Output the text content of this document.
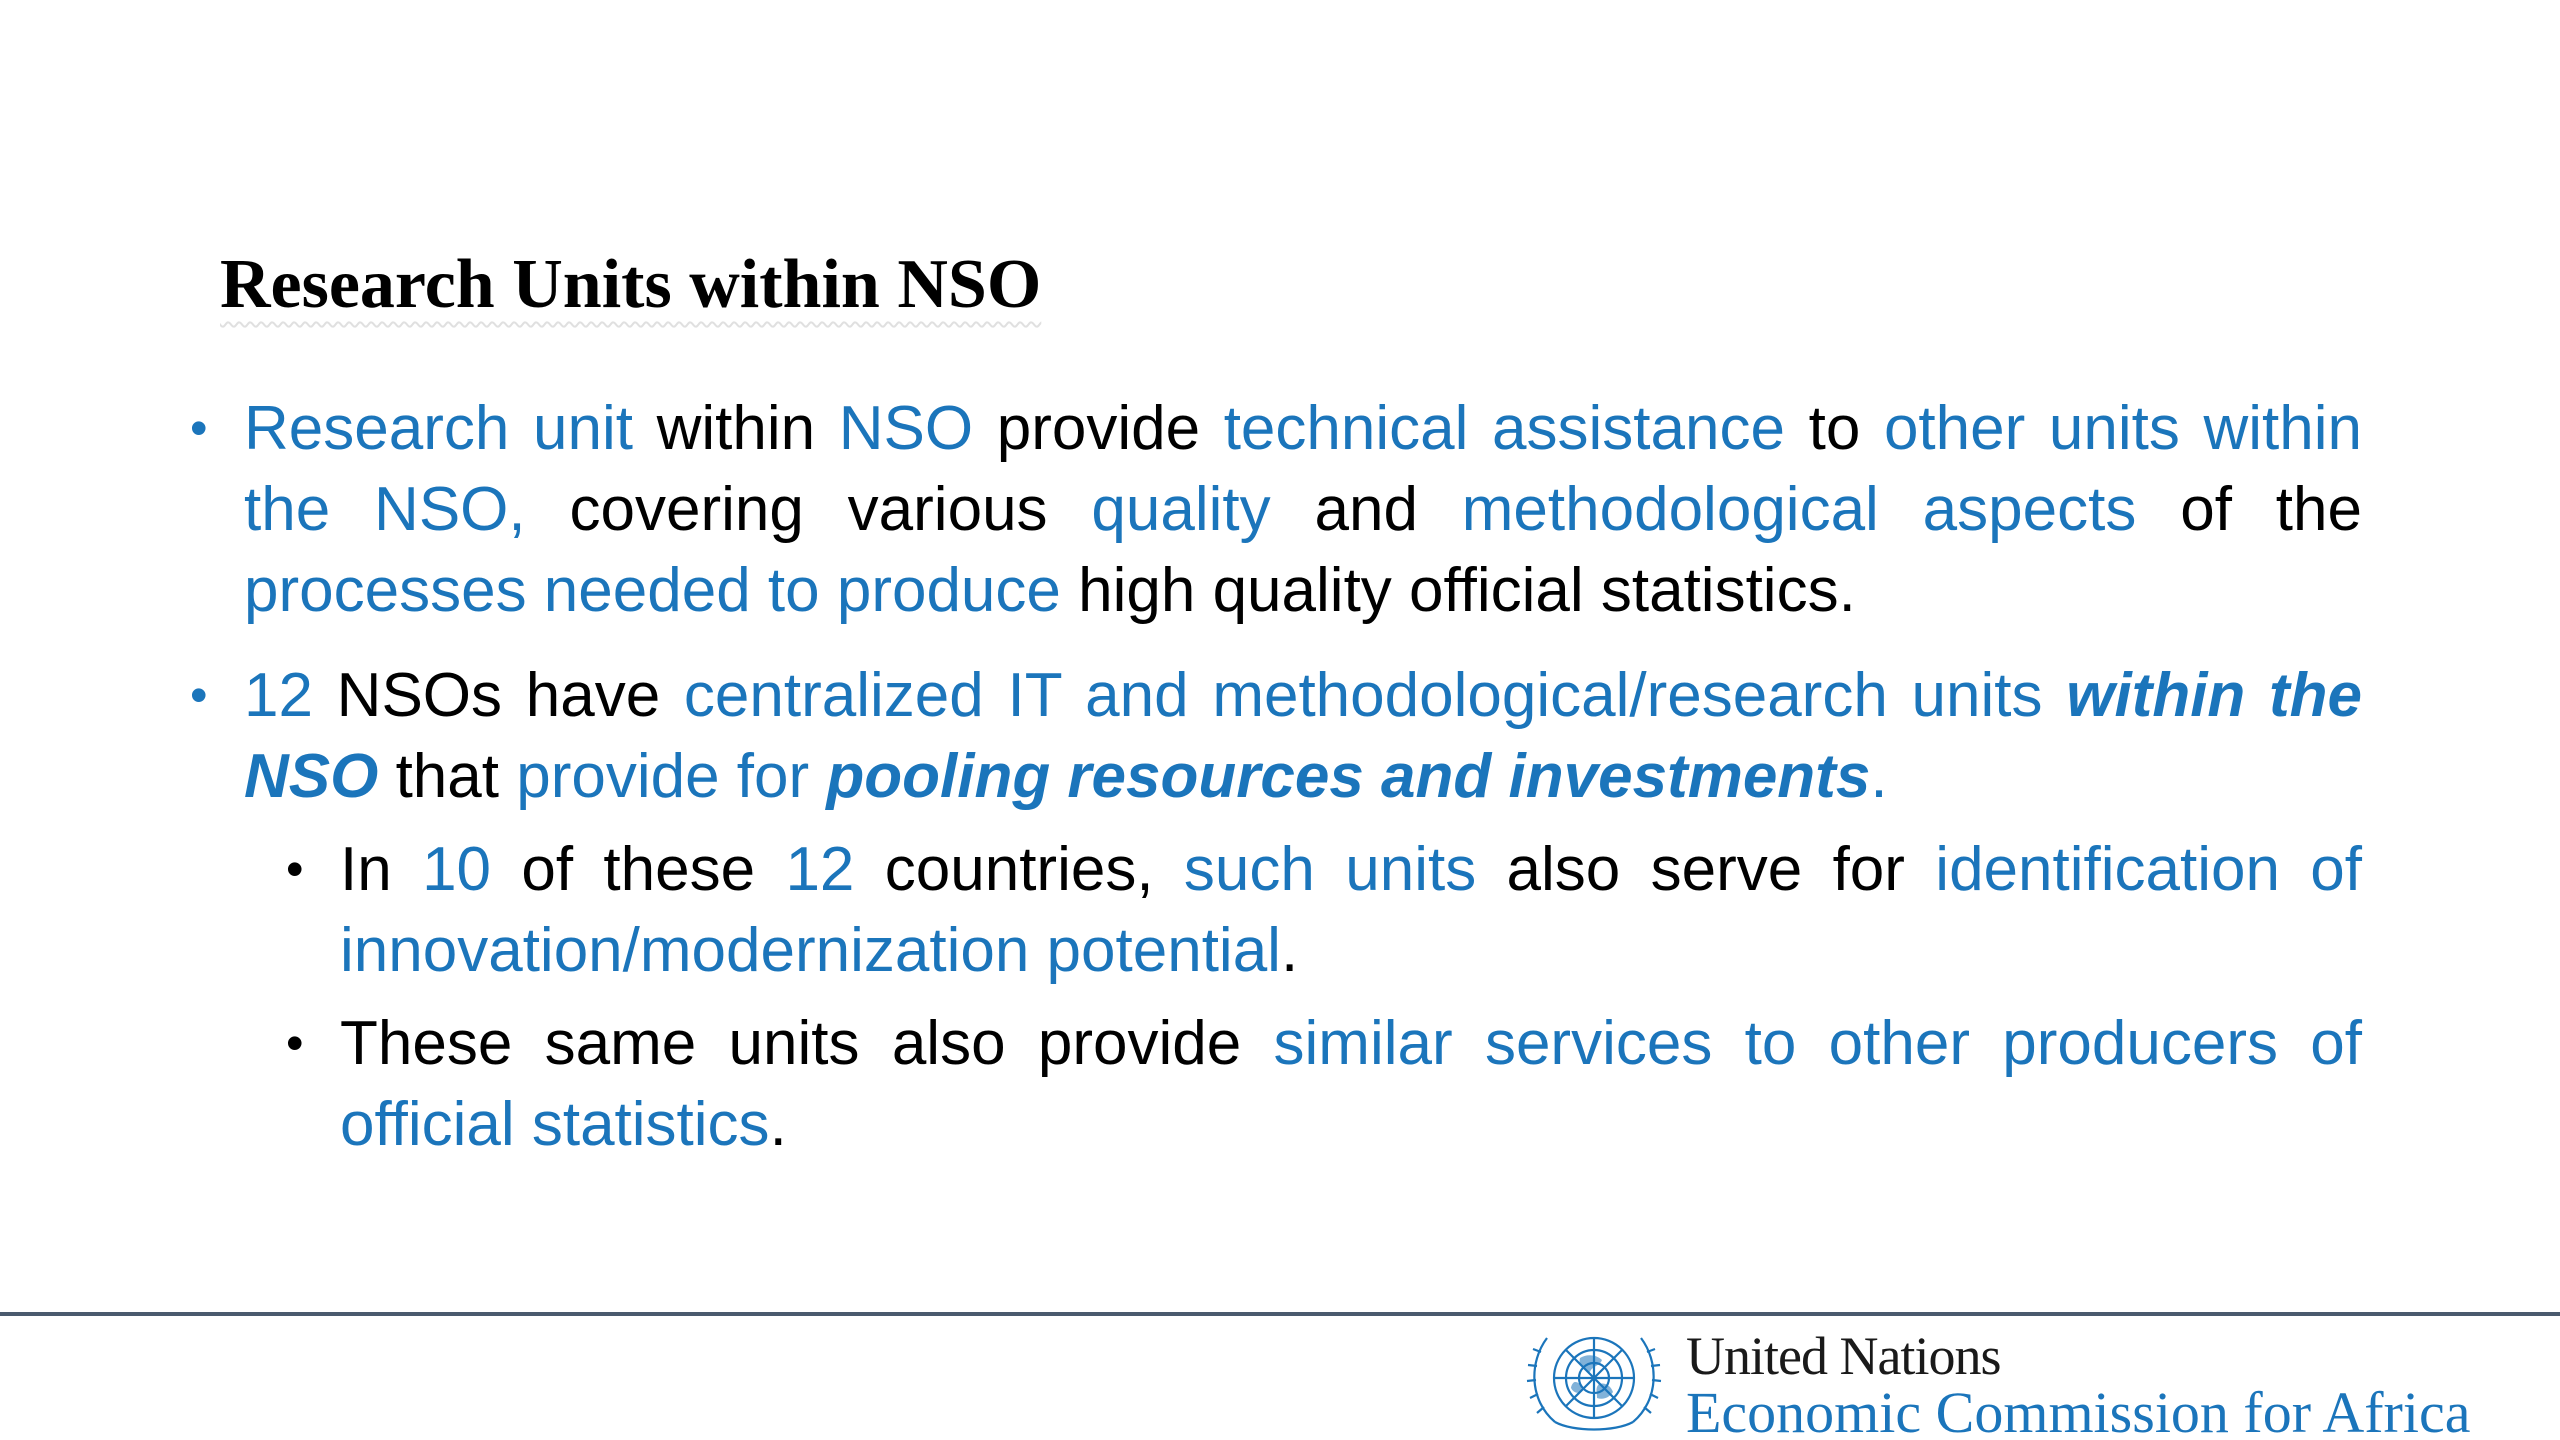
Research Units within NSO
• Research unit within NSO provide technical assistance to other units within the NSO, covering various quality and methodological aspects of the processes needed to produce high quality official statistics.
• 12 NSOs have centralized IT and methodological/research units within the NSO that provide for pooling resources and investments.
• In 10 of these 12 countries, such units also serve for identification of innovation/modernization potential.
• These same units also provide similar services to other producers of official statistics.
United Nations
Economic Commission for Africa
